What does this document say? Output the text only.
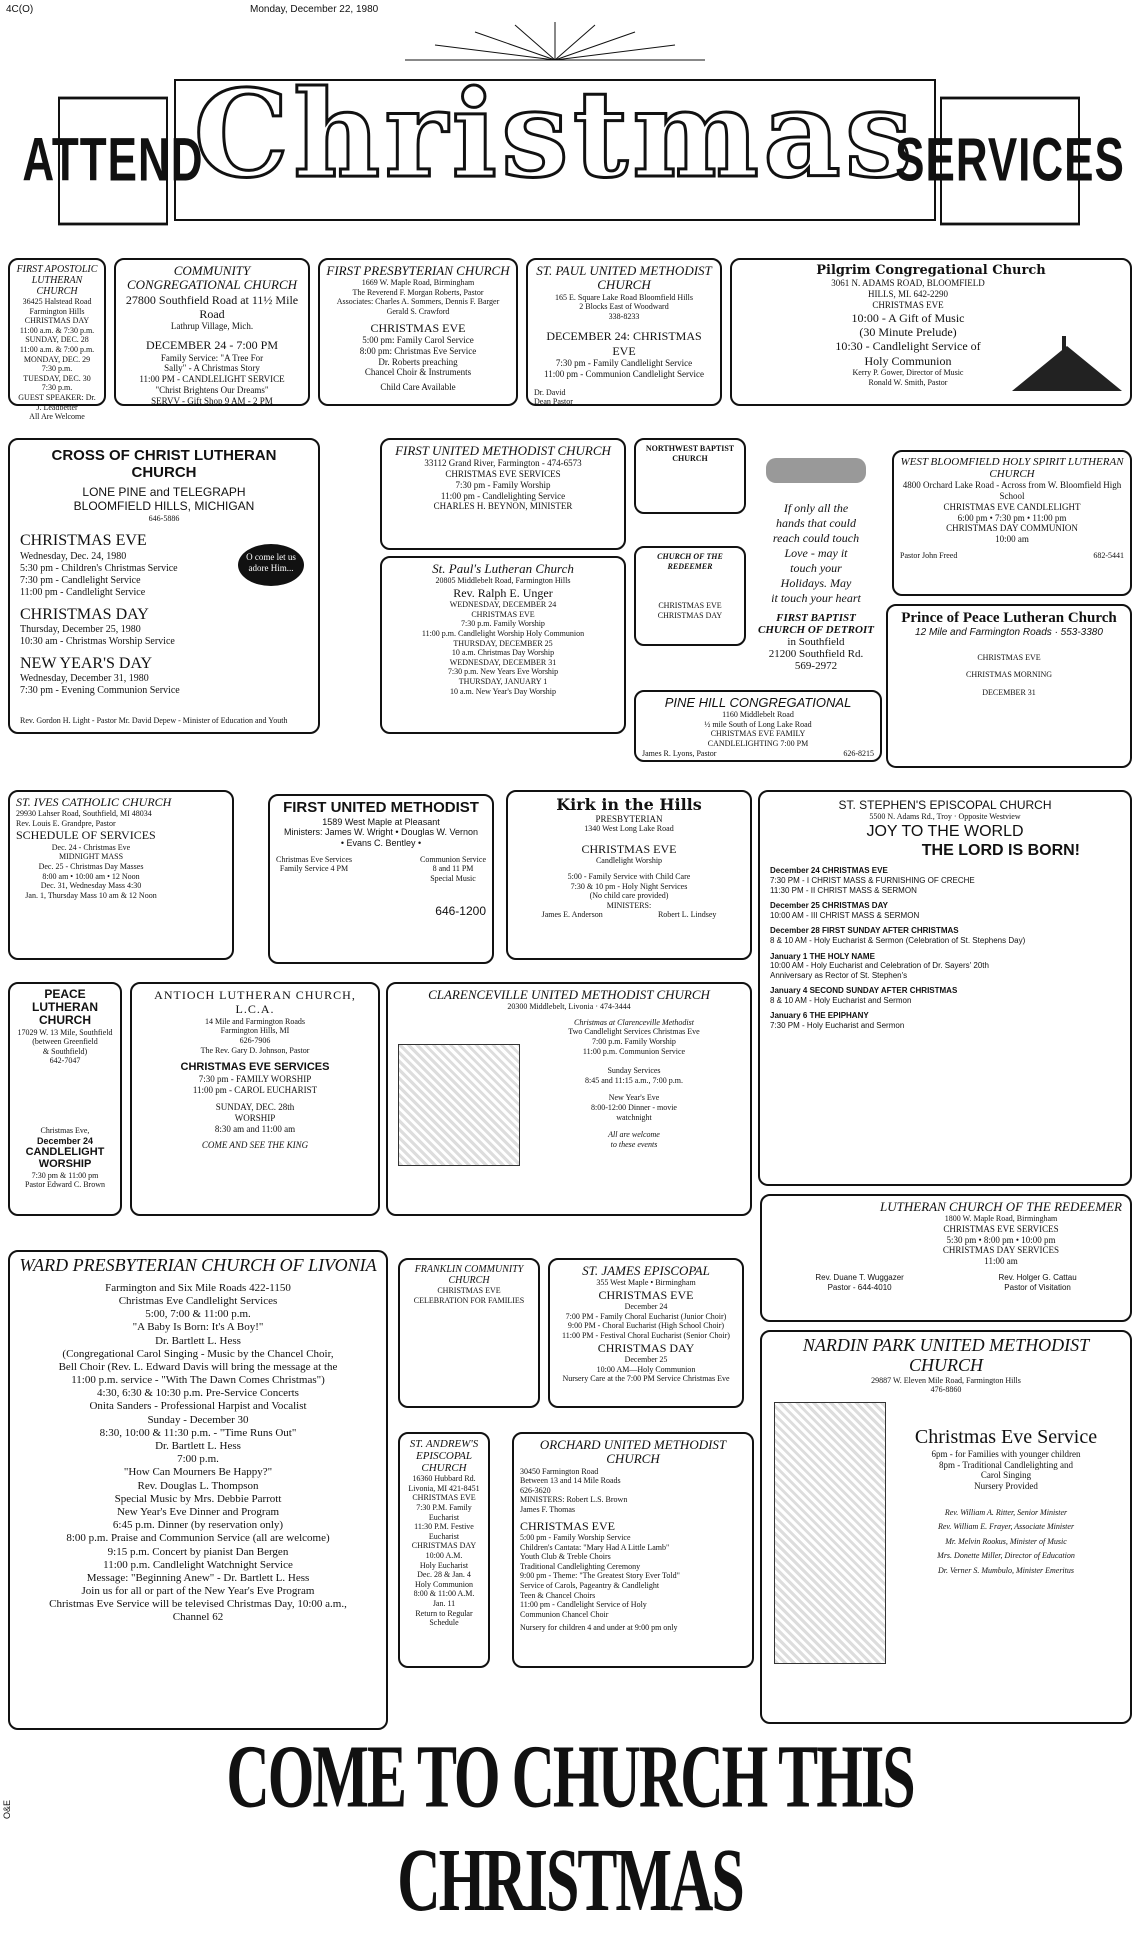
4C(O)	Monday, December 22, 1980
ATTEND
Christmas
SERVICES
O&E
FIRST APOSTOLIC LUTHERAN CHURCH
36425 Halstead Road
Farmington Hills
CHRISTMAS DAY
11:00 a.m. & 7:30 p.m.
SUNDAY, DEC. 28
11:00 a.m. & 7:00 p.m.
MONDAY, DEC. 29
7:30 p.m.
TUESDAY, DEC. 30
7:30 p.m.
GUEST SPEAKER: Dr. J. Leadbetter
All Are Welcome
COMMUNITY CONGREGATIONAL CHURCH
27800 Southfield Road at 11½ Mile Road
Lathrup Village, Mich.
DECEMBER 24 - 7:00 PM
Family Service: "A Tree For
Sally" - A Christmas Story
11:00 PM - CANDLELIGHT SERVICE
"Christ Brightens Our Dreams"
SERVV - Gift Shop 9 AM - 2 PM
FIRST PRESBYTERIAN CHURCH
1669 W. Maple Road, Birmingham
The Reverend F. Morgan Roberts, Pastor
Associates: Charles A. Sommers, Dennis F. Barger
Gerald S. Crawford
CHRISTMAS EVE
5:00 pm: Family Carol Service
8:00 pm: Christmas Eve Service
Dr. Roberts preaching
Chancel Choir & Instruments
Child Care Available
ST. PAUL UNITED METHODIST CHURCH
165 E. Square Lake Road Bloomfield Hills
2 Blocks East of Woodward
338-8233
DECEMBER 24: CHRISTMAS EVE
7:30 pm - Family Candlelight Service
11:00 pm - Communion Candlelight Service
Dr. David Dean Pastor
Pilgrim Congregational Church
3061 N. ADAMS ROAD, BLOOMFIELD
HILLS, MI. 642-2290
CHRISTMAS EVE
10:00 - A Gift of Music
(30 Minute Prelude)
10:30 - Candlelight Service of
Holy Communion
Kerry P. Gower, Director of Music
Ronald W. Smith, Pastor
CROSS OF CHRIST LUTHERAN CHURCH
LONE PINE and TELEGRAPH
BLOOMFIELD HILLS, MICHIGAN
646-5886
CHRISTMAS EVE
Wednesday, Dec. 24, 1980
5:30 pm - Children's Christmas Service
7:30 pm - Candlelight Service
11:00 pm - Candlelight Service
CHRISTMAS DAY
Thursday, December 25, 1980
10:30 am - Christmas Worship Service
NEW YEAR'S DAY
Wednesday, December 31, 1980
7:30 pm - Evening Communion Service
O come let us adore Him...
Rev. Gordon H. Light - Pastor Mr. David Depew - Minister of Education and Youth
FIRST UNITED METHODIST CHURCH
33112 Grand River, Farmington - 474-6573
CHRISTMAS EVE SERVICES
7:30 pm - Family Worship
11:00 pm - Candlelighting Service
CHARLES H. BEYNON, MINISTER
St. Paul's Lutheran Church
20805 Middlebelt Road, Farmington Hills
Rev. Ralph E. Unger
WEDNESDAY, DECEMBER 24
CHRISTMAS EVE
7:30 p.m. Family Worship
11:00 p.m. Candlelight Worship Holy Communion
THURSDAY, DECEMBER 25
10 a.m. Christmas Day Worship
WEDNESDAY, DECEMBER 31
7:30 p.m. New Years Eve Worship
THURSDAY, JANUARY 1
10 a.m. New Year's Day Worship
NORTHWEST BAPTIST CHURCH
CHURCH OF THE REDEEMER
CHRISTMAS EVE
CHRISTMAS DAY
If only all the
hands that could
reach could touch
Love - may it
touch your
Holidays. May
it touch your heart
FIRST BAPTIST CHURCH OF DETROIT
in Southfield
21200 Southfield Rd.
569-2972
PINE HILL CONGREGATIONAL
1160 Middlebelt Road
½ mile South of Long Lake Road
CHRISTMAS EVE FAMILY
CANDLELIGHTING 7:00 PM
James R. Lyons, Pastor	626-8215
WEST BLOOMFIELD HOLY SPIRIT LUTHERAN CHURCH
4800 Orchard Lake Road - Across from W. Bloomfield High School
CHRISTMAS EVE CANDLELIGHT
6:00 pm • 7:30 pm • 11:00 pm
CHRISTMAS DAY COMMUNION
10:00 am
Pastor John Freed	682-5441
Prince of Peace Lutheran Church
12 Mile and Farmington Roads · 553-3380
CHRISTMAS EVE
CHRISTMAS MORNING
DECEMBER 31
ST. IVES CATHOLIC CHURCH
29930 Lahser Road, Southfield, MI 48034
Rev. Louis E. Grandpre, Pastor
SCHEDULE OF SERVICES
Dec. 24 - Christmas Eve
MIDNIGHT MASS
Dec. 25 - Christmas Day Masses
8:00 am • 10:00 am • 12 Noon
Dec. 31, Wednesday Mass 4:30
Jan. 1, Thursday Mass 10 am & 12 Noon
FIRST UNITED METHODIST
1589 West Maple at Pleasant
Ministers: James W. Wright • Douglas W. Vernon
• Evans C. Bentley •
Christmas Eve Services
Family Service 4 PM
Communion Service
8 and 11 PM
Special Music
646-1200
Kirk in the Hills
PRESBYTERIAN
1340 West Long Lake Road
CHRISTMAS EVE
Candlelight Worship
5:00 - Family Service with Child Care
7:30 & 10 pm - Holy Night Services
(No child care provided)
MINISTERS:
James E. Anderson	Robert L. Lindsey
ST. STEPHEN'S EPISCOPAL CHURCH
5500 N. Adams Rd., Troy · Opposite Westview
JOY TO THE WORLD
THE LORD IS BORN!
December 24 CHRISTMAS EVE
7:30 PM - I CHRIST MASS & FURNISHING OF CRECHE
11:30 PM - II CHRIST MASS & SERMON
December 25 CHRISTMAS DAY
10:00 AM - III CHRIST MASS & SERMON
December 28 FIRST SUNDAY AFTER CHRISTMAS
8 & 10 AM - Holy Eucharist & Sermon (Celebration of St. Stephens Day)
January 1 THE HOLY NAME
10:00 AM - Holy Eucharist and Celebration of Dr. Sayers' 20th
Anniversary as Rector of St. Stephen's
January 4 SECOND SUNDAY AFTER CHRISTMAS
8 & 10 AM - Holy Eucharist and Sermon
January 6 THE EPIPHANY
7:30 PM - Holy Eucharist and Sermon
PEACE LUTHERAN CHURCH
17029 W. 13 Mile, Southfield
(between Greenfield
& Southfield)
642-7047
Christmas Eve,
December 24
CANDLELIGHT WORSHIP
7:30 pm & 11:00 pm
Pastor Edward C. Brown
ANTIOCH LUTHERAN CHURCH, L.C.A.
14 Mile and Farmington Roads
Farmington Hills, MI
626-7906
The Rev. Gary D. Johnson, Pastor
CHRISTMAS EVE SERVICES
7:30 pm - FAMILY WORSHIP
11:00 pm - CAROL EUCHARIST
SUNDAY, DEC. 28th
WORSHIP
8:30 am and 11:00 am
COME AND SEE THE KING
CLARENCEVILLE UNITED METHODIST CHURCH
20300 Middlebelt, Livonia · 474-3444
Christmas at Clarenceville Methodist
Two Candlelight Services Christmas Eve
7:00 p.m. Family Worship
11:00 p.m. Communion Service
Sunday Services
8:45 and 11:15 a.m., 7:00 p.m.
New Year's Eve
8:00-12:00 Dinner - movie
watchnight
All are welcome
to these events
LUTHERAN CHURCH OF THE REDEEMER
1800 W. Maple Road, Birmingham
CHRISTMAS EVE SERVICES
5:30 pm • 8:00 pm • 10:00 pm
CHRISTMAS DAY SERVICES
11:00 am
Rev. Duane T. Wuggazer
Pastor - 644-4010
Rev. Holger G. Cattau
Pastor of Visitation
WARD PRESBYTERIAN CHURCH OF LIVONIA
Farmington and Six Mile Roads 422-1150
Christmas Eve Candlelight Services
5:00, 7:00 & 11:00 p.m.
"A Baby Is Born: It's A Boy!"
Dr. Bartlett L. Hess
(Congregational Carol Singing - Music by the Chancel Choir,
Bell Choir (Rev. L. Edward Davis will bring the message at the
11:00 p.m. service - "With The Dawn Comes Christmas")
4:30, 6:30 & 10:30 p.m. Pre-Service Concerts
Onita Sanders - Professional Harpist and Vocalist
Sunday - December 30
8:30, 10:00 & 11:30 p.m. - "Time Runs Out"
Dr. Bartlett L. Hess
7:00 p.m.
"How Can Mourners Be Happy?"
Rev. Douglas L. Thompson
Special Music by Mrs. Debbie Parrott
New Year's Eve Dinner and Program
6:45 p.m. Dinner (by reservation only)
8:00 p.m. Praise and Communion Service (all are welcome)
9:15 p.m. Concert by pianist Dan Bergen
11:00 p.m. Candlelight Watchnight Service
Message: "Beginning Anew" - Dr. Bartlett L. Hess
Join us for all or part of the New Year's Eve Program
Christmas Eve Service will be televised Christmas Day, 10:00 a.m.,
Channel 62
FRANKLIN COMMUNITY CHURCH
CHRISTMAS EVE
CELEBRATION FOR FAMILIES
ST. JAMES EPISCOPAL
355 West Maple • Birmingham
CHRISTMAS EVE
December 24
7:00 PM - Family Choral Eucharist (Junior Choir)
9:00 PM - Choral Eucharist (High School Choir)
11:00 PM - Festival Choral Eucharist (Senior Choir)
CHRISTMAS DAY
December 25
10:00 AM—Holy Communion
Nursery Care at the 7:00 PM Service Christmas Eve
ST. ANDREW'S EPISCOPAL CHURCH
16360 Hubbard Rd.
Livonia, MI 421-8451
CHRISTMAS EVE
7:30 P.M. Family Eucharist
11:30 P.M. Festive Eucharist
CHRISTMAS DAY
10:00 A.M.
Holy Eucharist
Dec. 28 & Jan. 4
Holy Communion
8:00 & 11:00 A.M.
Jan. 11
Return to Regular
Schedule
ORCHARD UNITED METHODIST CHURCH
30450 Farmington Road
Between 13 and 14 Mile Roads
626-3620
MINISTERS: Robert L.S. Brown
James F. Thomas
CHRISTMAS EVE
5:00 pm - Family Worship Service
Children's Cantata: "Mary Had A Little Lamb"
Youth Club & Treble Choirs
Traditional Candlelighting Ceremony
9:00 pm - Theme: "The Greatest Story Ever Told"
Service of Carols, Pageantry & Candlelight
Teen & Chancel Choirs
11:00 pm - Candlelight Service of Holy
Communion Chancel Choir
Nursery for children 4 and under at 9:00 pm only
NARDIN PARK UNITED METHODIST CHURCH
29887 W. Eleven Mile Road, Farmington Hills
476-8860
Christmas Eve Service
6pm - for Families with younger children
8pm - Traditional Candlelighting and
Carol Singing
Nursery Provided
Rev. William A. Ritter, Senior Minister
Rev. William E. Frayer, Associate Minister
Mr. Melvin Rookus, Minister of Music
Mrs. Donette Miller, Director of Education
Dr. Verner S. Mumbulo, Minister Emeritus
COME TO CHURCH THIS CHRISTMAS
